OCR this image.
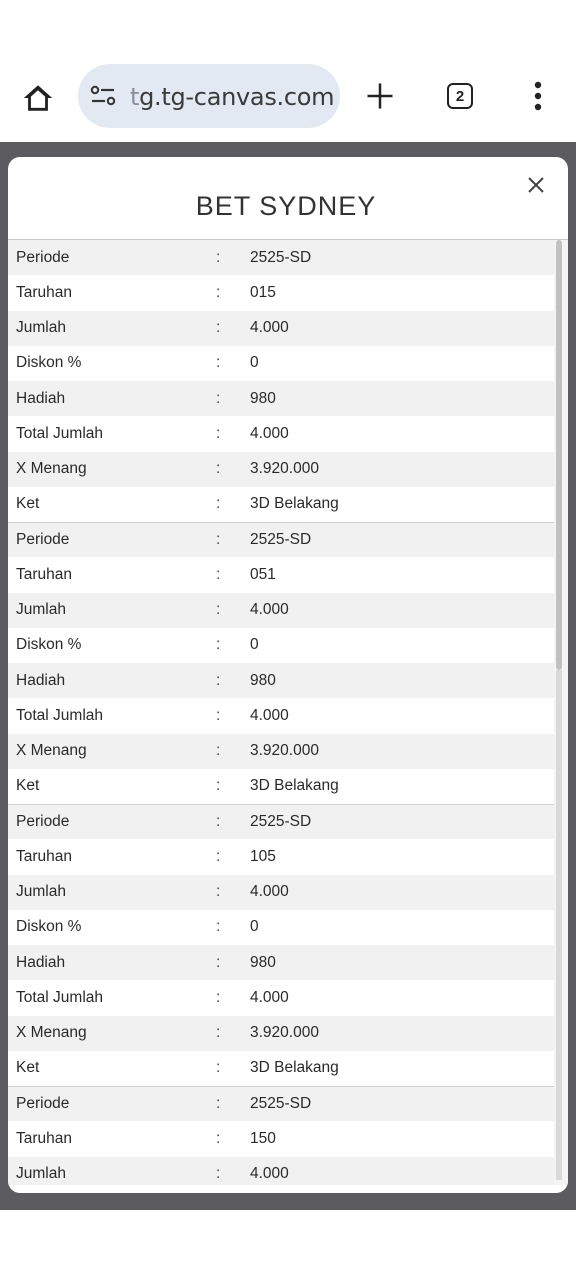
tg.tg-canvas.com	2
BET SYDNEY
Periode	:	2525-SD
Taruhan	:	015
Jumlah	:	4.000
Diskon %	:	0
Hadiah	:	980
Total Jumlah	:	4.000
X Menang	:	3.920.000
Ket	:	3D Belakang
Periode	:	2525-SD
Taruhan	:	051
Jumlah	:	4.000
Diskon %	:	0
Hadiah	:	980
Total Jumlah	:	4.000
X Menang	:	3.920.000
Ket	:	3D Belakang
Periode	:	2525-SD
Taruhan	:	105
Jumlah	:	4.000
Diskon %	:	0
Hadiah	:	980
Total Jumlah	:	4.000
X Menang	:	3.920.000
Ket	:	3D Belakang
Periode	:	2525-SD
Taruhan	:	150
Jumlah	:	4.000
